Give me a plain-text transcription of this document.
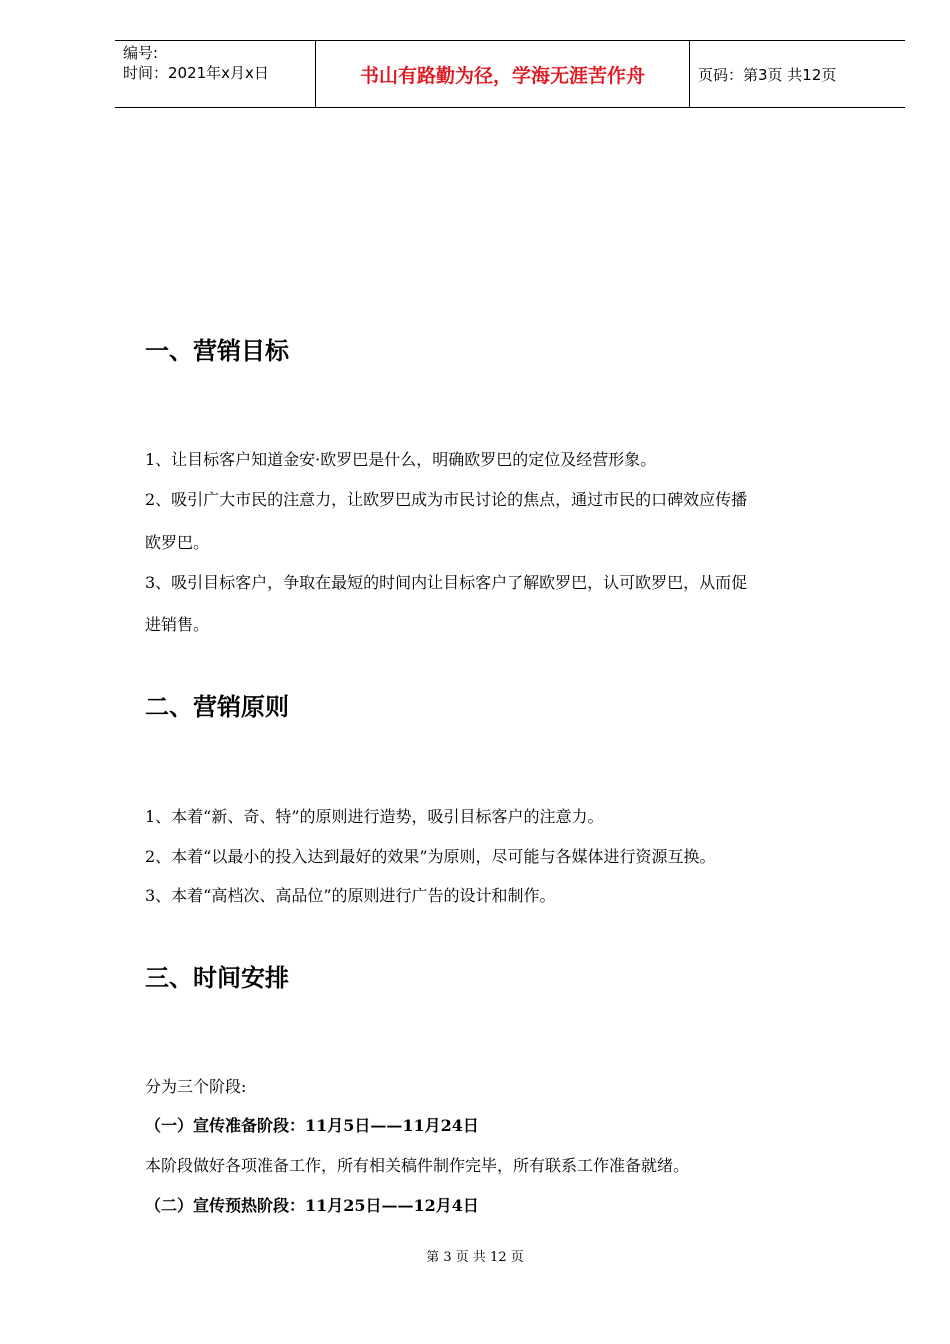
编号:
时间：2021年x月x日	书山有路勤为径，学海无涯苦作舟	页码：第3页 共12页
一、营销目标
1、让目标客户知道金安·欧罗巴是什么，明确欧罗巴的定位及经营形象。
2、吸引广大市民的注意力，让欧罗巴成为市民讨论的焦点，通过市民的口碑效应传播
欧罗巴。
3、吸引目标客户，争取在最短的时间内让目标客户了解欧罗巴，认可欧罗巴，从而促
进销售。
二、营销原则
1、本着“新、奇、特”的原则进行造势，吸引目标客户的注意力。
2、本着“以最小的投入达到最好的效果”为原则，尽可能与各媒体进行资源互换。
3、本着“高档次、高品位”的原则进行广告的设计和制作。
三、时间安排
分为三个阶段:
（一）宣传准备阶段：11月5日——11月24日
本阶段做好各项准备工作，所有相关稿件制作完毕，所有联系工作准备就绪。
（二）宣传预热阶段：11月25日——12月4日
第 3 页 共 12 页
